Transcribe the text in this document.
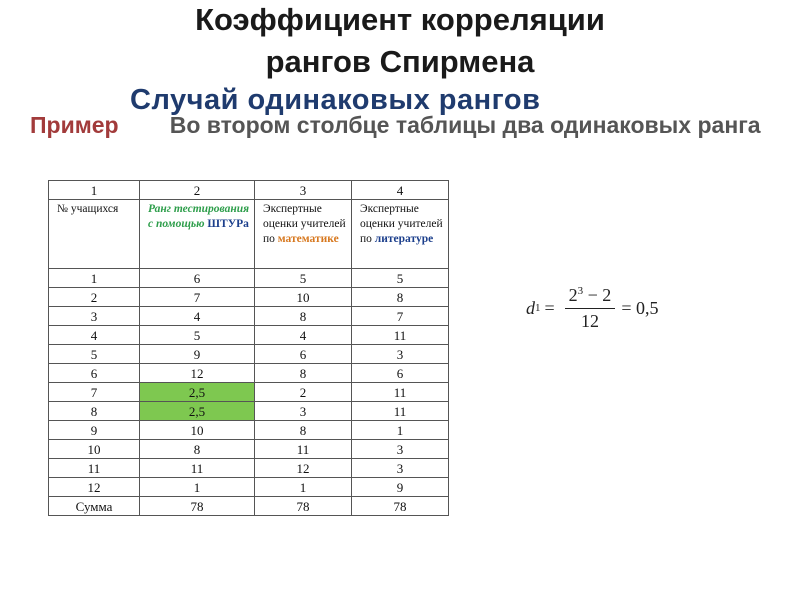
Коэффициент корреляции
рангов Спирмена
Случай одинаковых рангов
Пример Во втором столбце таблицы два одинаковых ранга
1	2	3	4
№ учащихся	Ранг тестирования с помощью ШТУРа	Экспертные оценки учителей по математике	Экспертные оценки учителей по литературе
1	6	5	5
2	7	10	8
3	4	8	7
4	5	4	11
5	9	6	3
6	12	8	6
7	2,5	2	11
8	2,5	3	11
9	10	8	1
10	8	11	3
11	11	12	3
12	1	1	9
Сумма	78	78	78
d $1 = \frac{2^3 - 2}{12} = 0,5$
